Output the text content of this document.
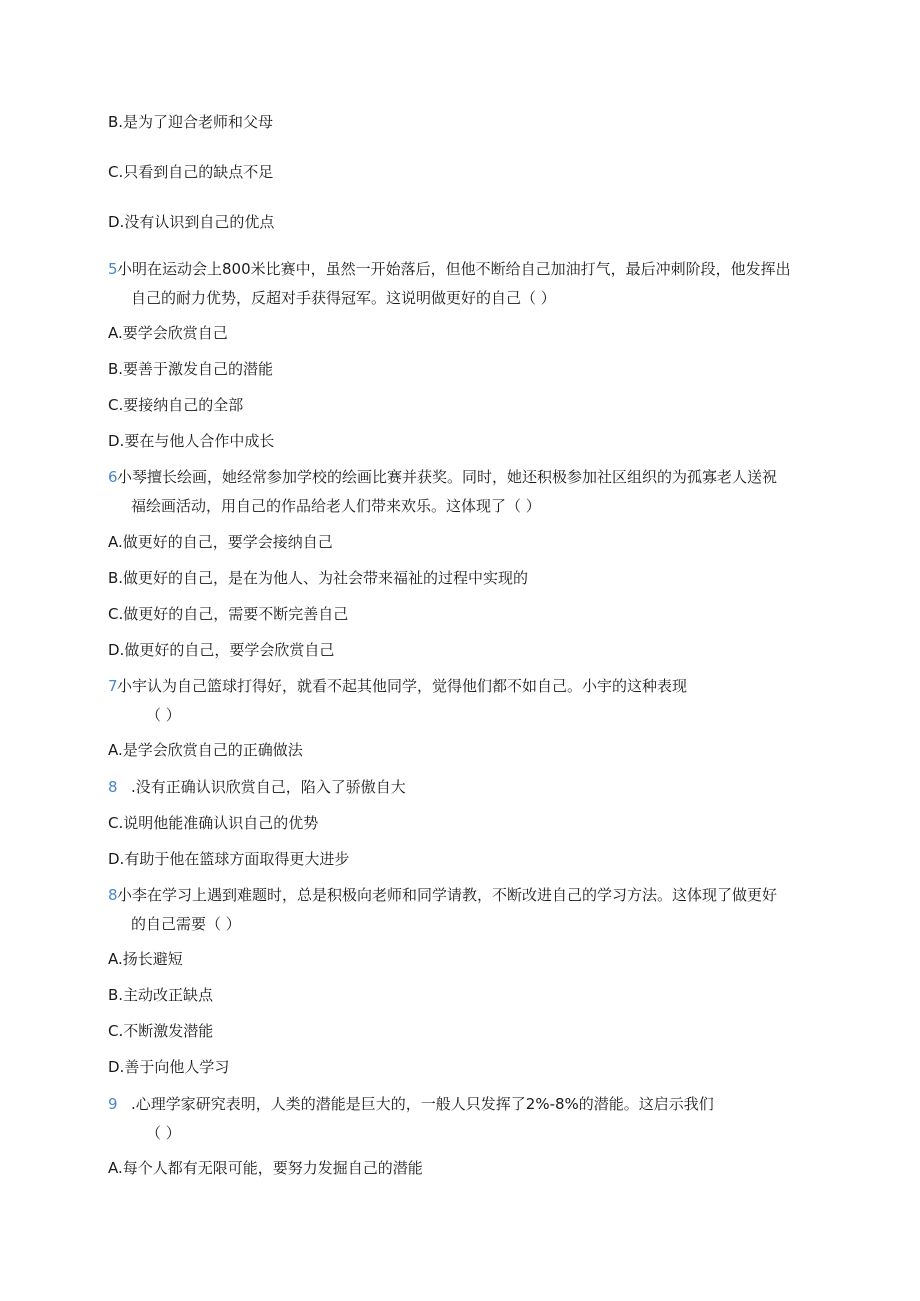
B.是为了迎合老师和父母
C.只看到自己的缺点不足
D.没有认识到自己的优点
5 小明在运动会上800米比赛中，虽然一开始落后，但他不断给自己加油打气，最后冲刺阶段，他发挥出
自己的耐力优势，反超对手获得冠军。这说明做更好的自己（ ）
A.要学会欣赏自己
B.要善于激发自己的潜能
C.要接纳自己的全部
D.要在与他人合作中成长
6 小琴擅长绘画，她经常参加学校的绘画比赛并获奖。同时，她还积极参加社区组织的为孤寡老人送祝
福绘画活动，用自己的作品给老人们带来欢乐。这体现了（ ）
A.做更好的自己，要学会接纳自己
B.做更好的自己，是在为他人、为社会带来福祉的过程中实现的
C.做更好的自己，需要不断完善自己
D.做更好的自己，要学会欣赏自己
7 小宇认为自己篮球打得好，就看不起其他同学，觉得他们都不如自己。小宇的这种表现
（ ）
A.是学会欣赏自己的正确做法
8 .没有正确认识欣赏自己，陷入了骄傲自大
C.说明他能准确认识自己的优势
D.有助于他在篮球方面取得更大进步
8 小李在学习上遇到难题时，总是积极向老师和同学请教，不断改进自己的学习方法。这体现了做更好
的自己需要（ ）
A.扬长避短
B.主动改正缺点
C.不断激发潜能
D.善于向他人学习
9 .心理学家研究表明，人类的潜能是巨大的，一般人只发挥了2%-8%的潜能。这启示我们
（ ）
A.每个人都有无限可能，要努力发掘自己的潜能
